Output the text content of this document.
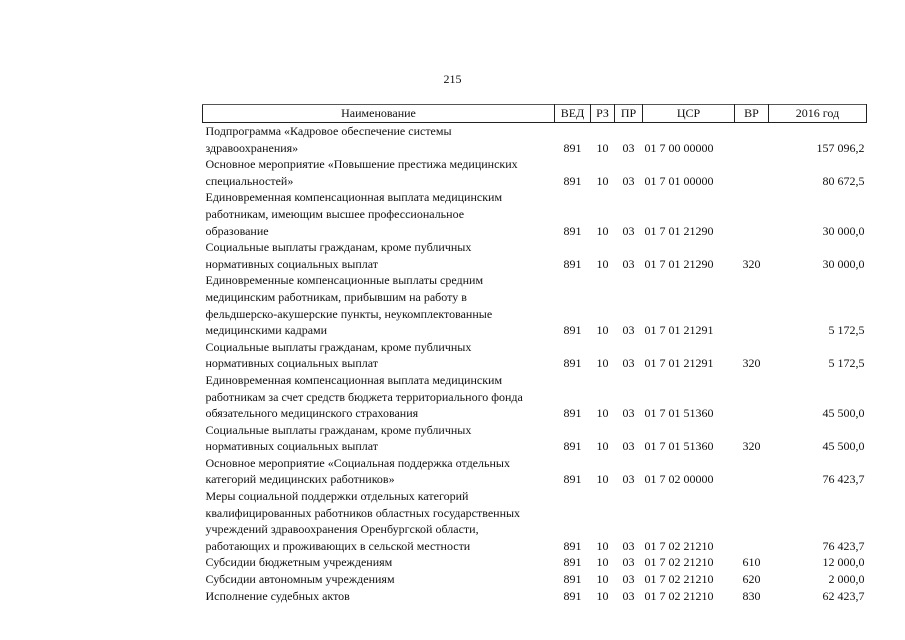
215
Наименование	ВЕД	РЗ	ПР	ЦСР	ВР	2016 год

Подпрограмма «Кадровое обеспечение системы
здравоохранения»	891	10	03	01 7 00 00000		157 096,2

Основное мероприятие «Повышение престижа медицинских
специальностей»	891	10	03	01 7 01 00000		80 672,5

Единовременная компенсационная выплата медицинским
работникам, имеющим высшее профессиональное
образование	891	10	03	01 7 01 21290		30 000,0

Социальные выплаты гражданам, кроме публичных
нормативных социальных выплат	891	10	03	01 7 01 21290	320	30 000,0

Единовременные компенсационные выплаты средним
медицинским работникам, прибывшим на работу в
фельдшерско-акушерские пункты, неукомплектованные
медицинскими кадрами	891	10	03	01 7 01 21291		5 172,5

Социальные выплаты гражданам, кроме публичных
нормативных социальных выплат	891	10	03	01 7 01 21291	320	5 172,5

Единовременная компенсационная выплата медицинским
работникам за счет средств бюджета территориального фонда
обязательного медицинского страхования	891	10	03	01 7 01 51360		45 500,0

Социальные выплаты гражданам, кроме публичных
нормативных социальных выплат	891	10	03	01 7 01 51360	320	45 500,0

Основное мероприятие «Социальная поддержка отдельных
категорий медицинских работников»	891	10	03	01 7 02 00000		76 423,7

Меры социальной поддержки отдельных категорий
квалифицированных работников областных государственных
учреждений здравоохранения Оренбургской области,
работающих и проживающих в сельской местности	891	10	03	01 7 02 21210		76 423,7

Субсидии бюджетным учреждениям	891	10	03	01 7 02 21210	610	12 000,0

Субсидии автономным учреждениям	891	10	03	01 7 02 21210	620	2 000,0

Исполнение судебных актов	891	10	03	01 7 02 21210	830	62 423,7
